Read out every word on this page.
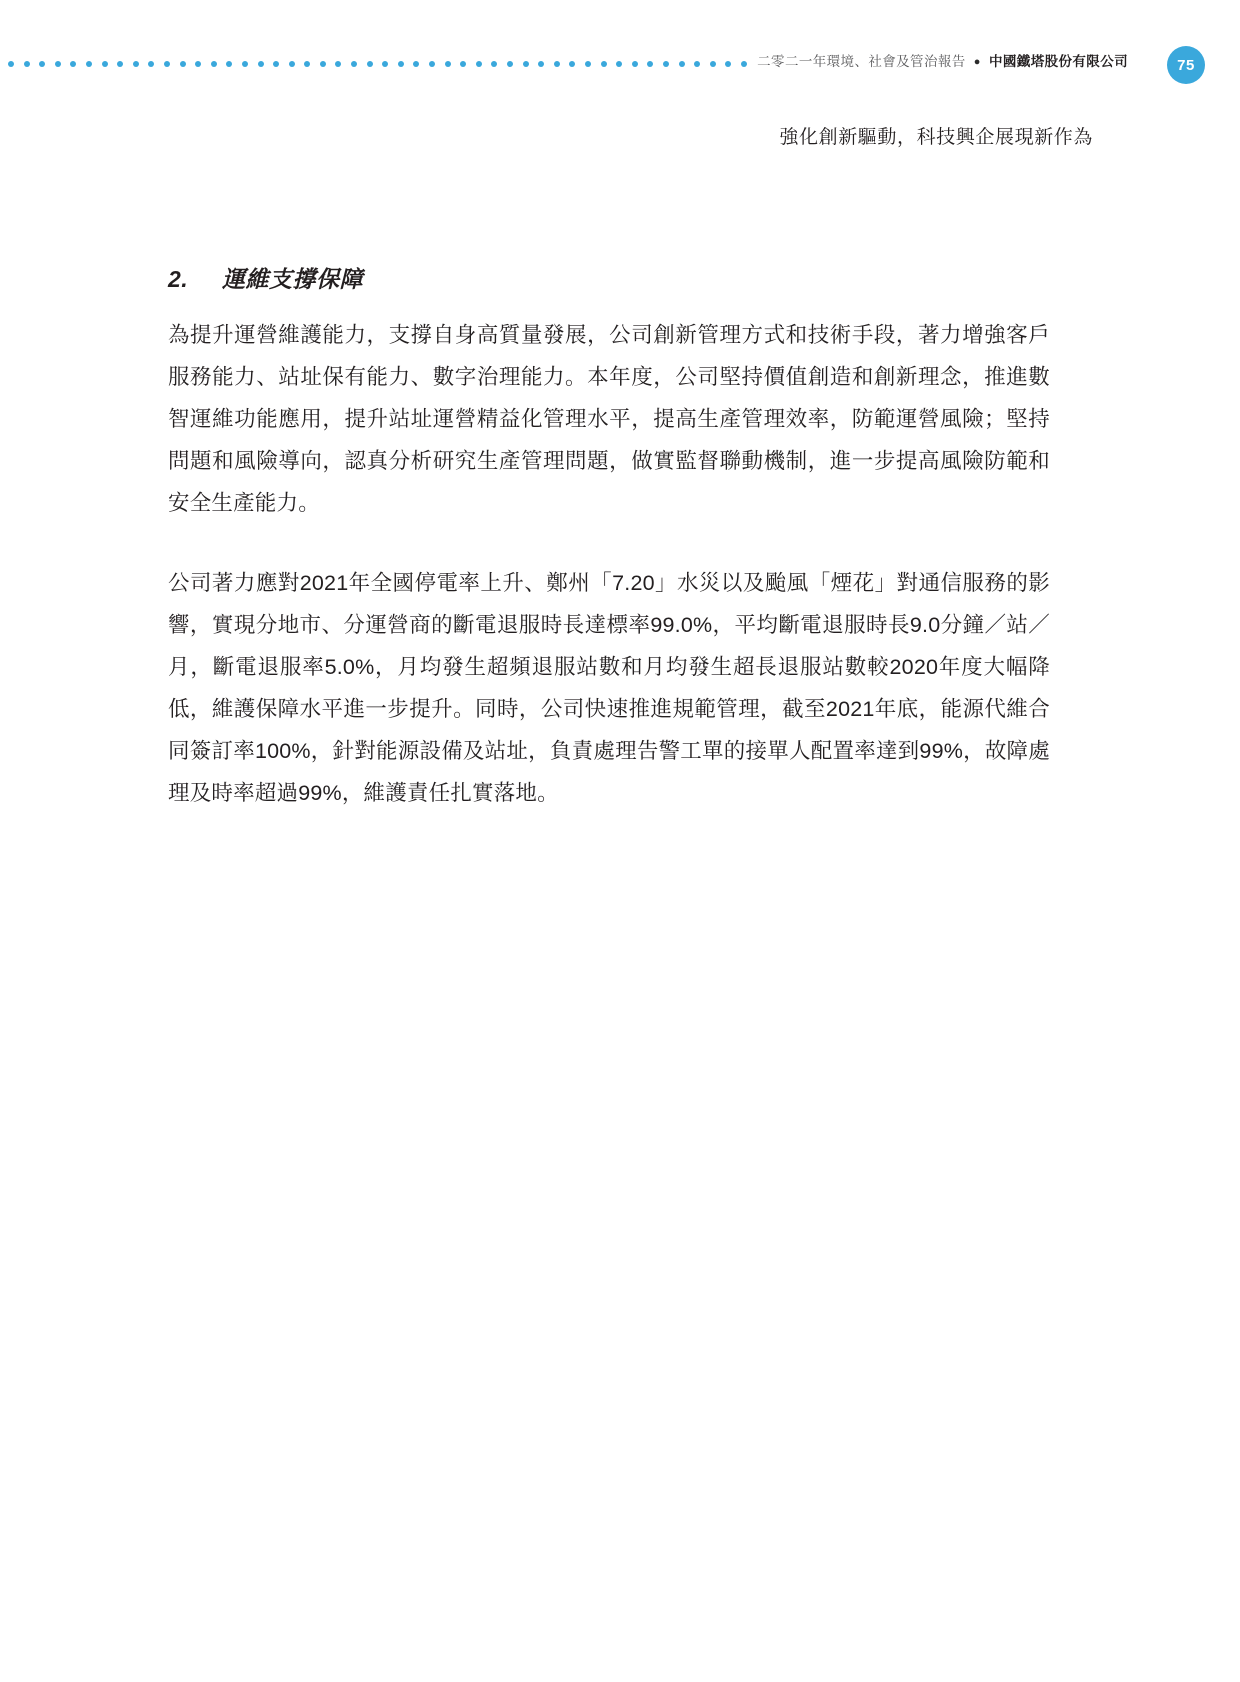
二零二一年環境、社會及管治報告 ● 中國鐵塔股份有限公司	75
強化創新驅動，科技興企展現新作為
2.	運維支撐保障

為提升運營維護能力，支撐自身高質量發展，公司創新管理方式和技術手段，著力增強客戶服務能力、站址保有能力、數字治理能力。本年度，公司堅持價值創造和創新理念，推進數智運維功能應用，提升站址運營精益化管理水平，提高生產管理效率，防範運營風險；堅持問題和風險導向，認真分析研究生產管理問題，做實監督聯動機制，進一步提高風險防範和安全生產能力。

公司著力應對2021年全國停電率上升、鄭州「7.20」水災以及颱風「煙花」對通信服務的影響，實現分地市、分運營商的斷電退服時長達標率99.0%，平均斷電退服時長9.0分鐘／站／月，斷電退服率5.0%，月均發生超頻退服站數和月均發生超長退服站數較2020年度大幅降低，維護保障水平進一步提升。同時，公司快速推進規範管理，截至2021年底，能源代維合同簽訂率100%，針對能源設備及站址，負責處理告警工單的接單人配置率達到99%，故障處理及時率超過99%，維護責任扎實落地。
